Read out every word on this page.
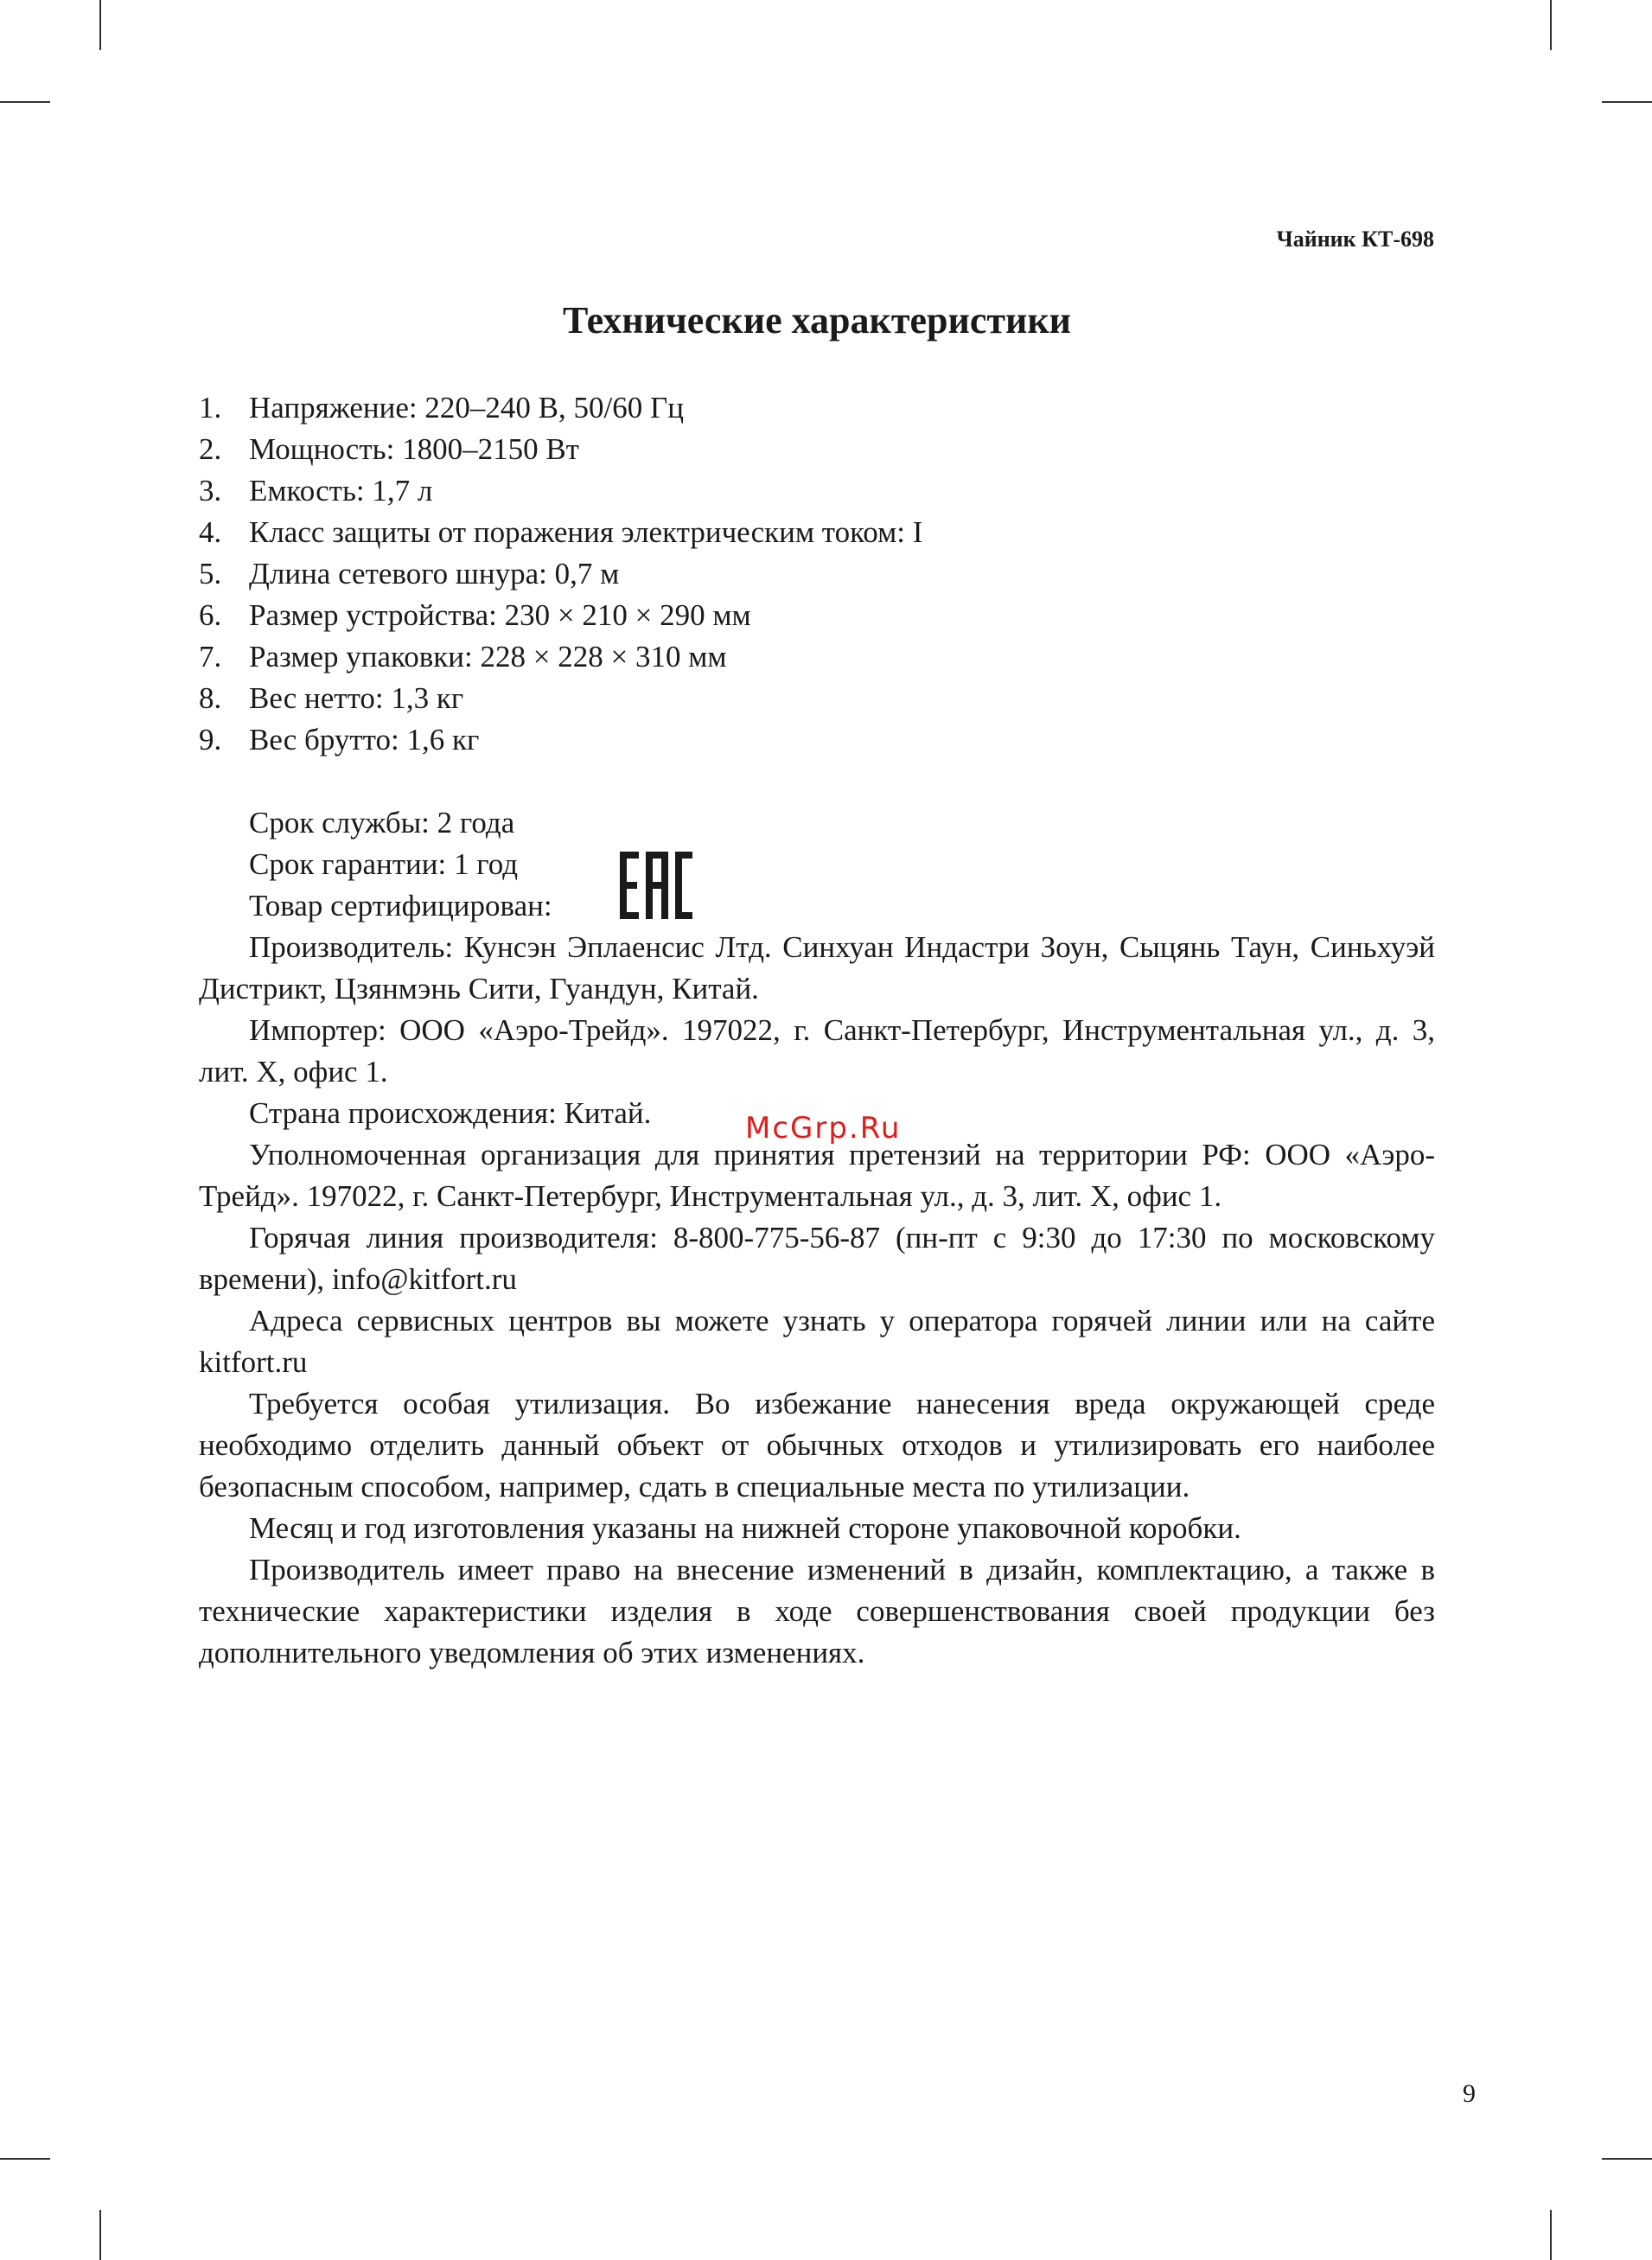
Чайник КТ-698
Технические характеристики
1. Напряжение: 220–240 В, 50/60 Гц
2. Мощность: 1800–2150 Вт
3. Емкость: 1,7 л
4. Класс защиты от поражения электрическим током: I
5. Длина сетевого шнура: 0,7 м
6. Размер устройства: 230 × 210 × 290 мм
7. Размер упаковки: 228 × 228 × 310 мм
8. Вес нетто: 1,3 кг
9. Вес брутто: 1,6 кг

Срок службы: 2 года

Срок гарантии: 1 год

Товар сертифицирован:

Производитель: Кунсэн Эплаенсис Лтд. Синхуан Индастри Зоун, Сыцянь Таун, Синьхуэй Дистрикт, Цзянмэнь Сити, Гуандун, Китай.

Импортер: ООО «Аэро-Трейд». 197022, г. Санкт-Петербург, Инструментальная ул., д. 3, лит. Х, офис 1.

Страна происхождения: Китай.

Уполномоченная организация для принятия претензий на территории РФ: ООО «Аэро-Трейд». 197022, г. Санкт-Петербург, Инструментальная ул., д. 3, лит. Х, офис 1.

Горячая линия производителя: 8-800-775-56-87 (пн-пт с 9:30 до 17:30 по московскому времени), info@kitfort.ru

Адреса сервисных центров вы можете узнать у оператора горячей линии или на сайте kitfort.ru

Требуется особая утилизация. Во избежание нанесения вреда окружающей среде необходимо отделить данный объект от обычных отходов и утилизировать его наиболее безопасным способом, например, сдать в специальные места по утилизации.

Месяц и год изготовления указаны на нижней стороне упаковочной коробки.

Производитель имеет право на внесение изменений в дизайн, комплектацию, а также в технические характеристики изделия в ходе совершенствования своей продукции без дополнительного уведомления об этих изменениях.

McGrp.Ru
9
